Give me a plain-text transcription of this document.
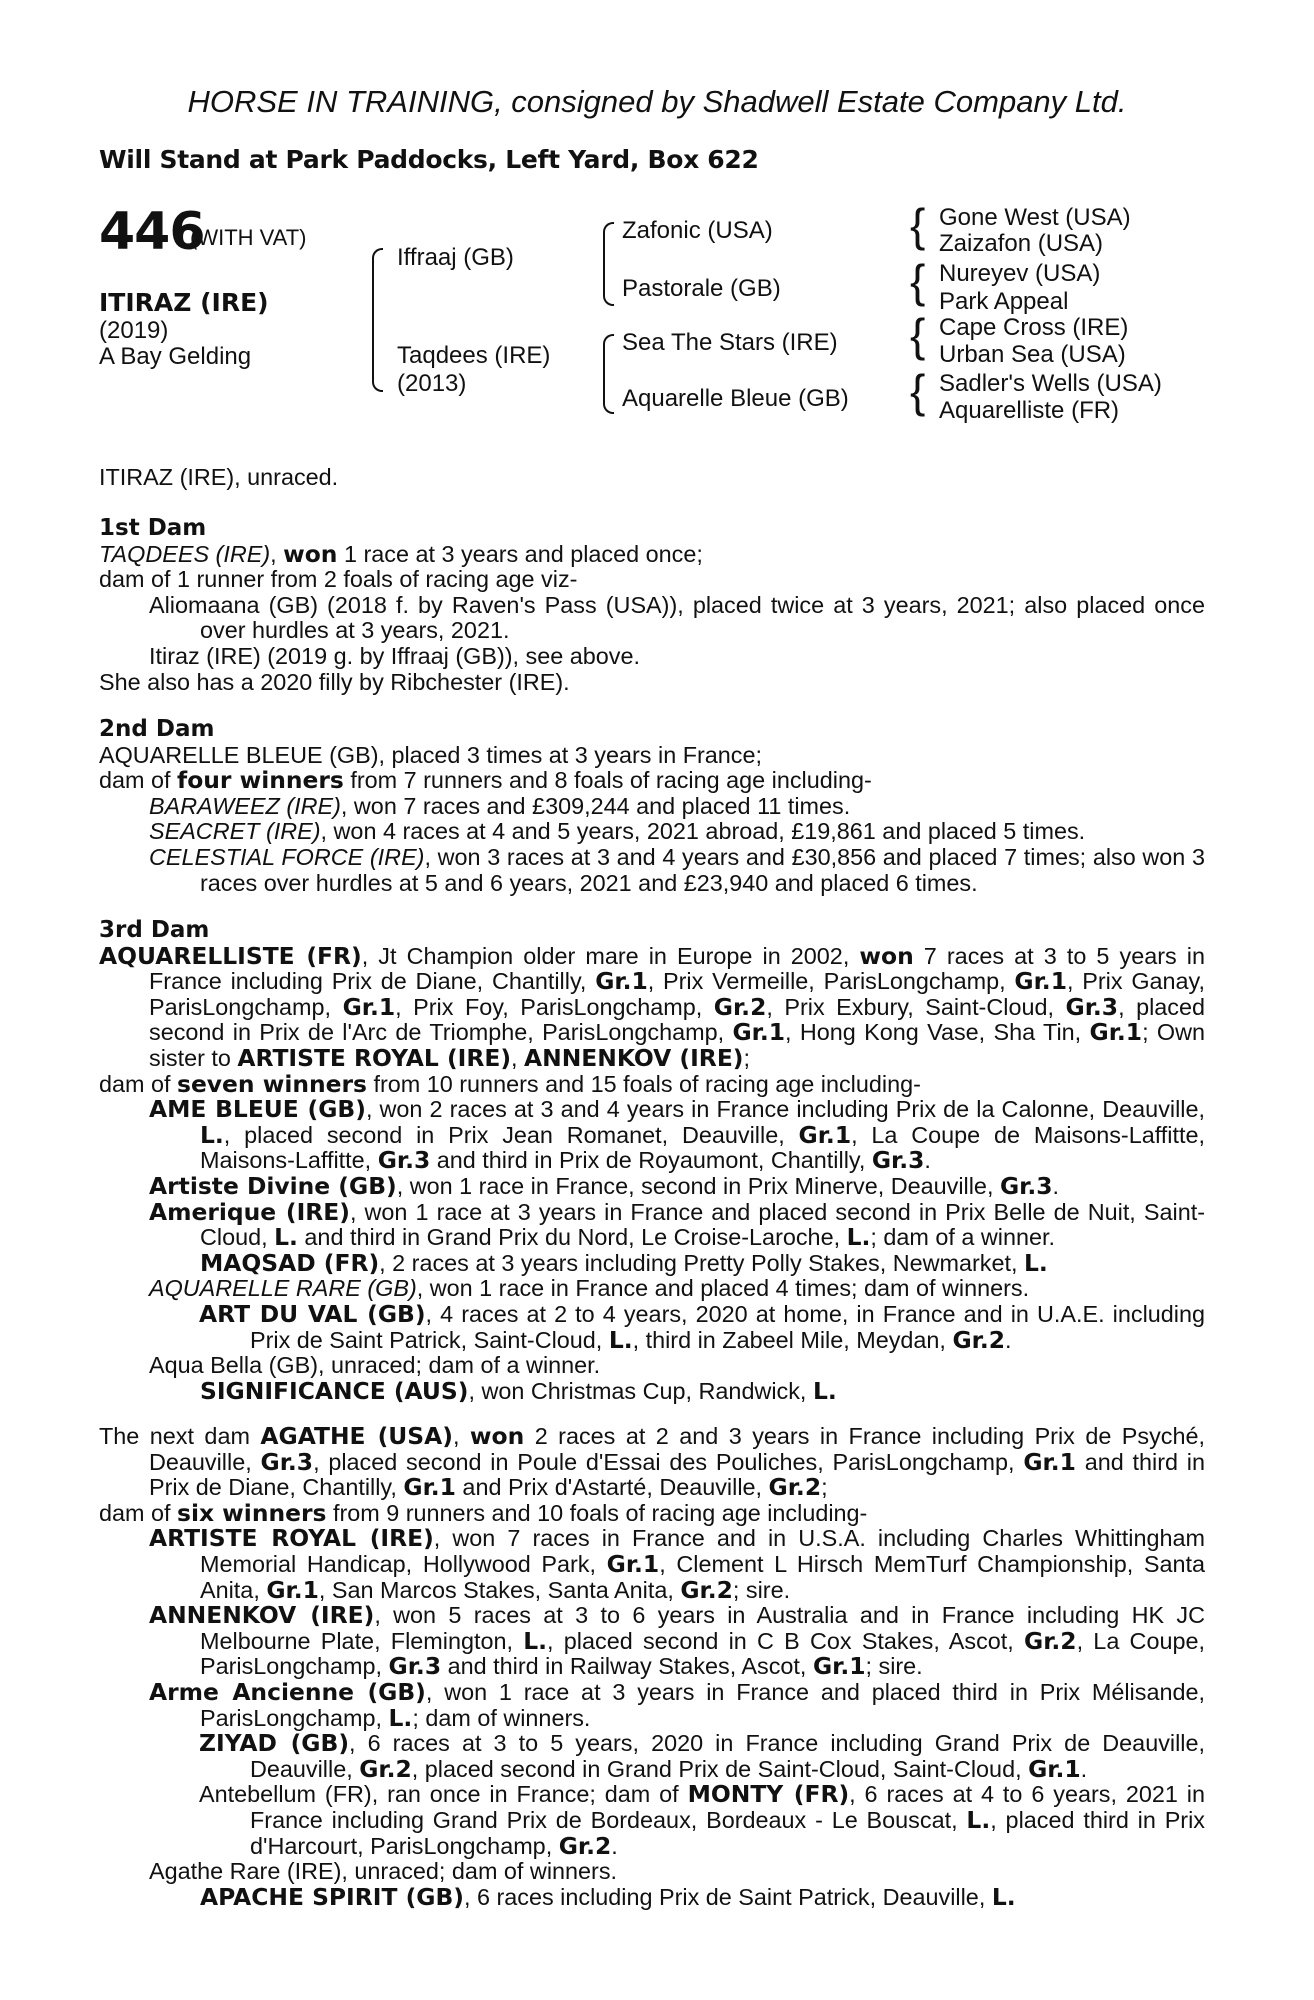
HORSE IN TRAINING, consigned by Shadwell Estate Company Ltd.
Will Stand at Park Paddocks, Left Yard, Box 622
446
(WITH VAT)
ITIRAZ (IRE)
(2019)
A Bay Gelding
Iffraaj (GB)
Taqdees (IRE)
(2013)
Zafonic (USA)
Pastorale (GB)
Sea The Stars (IRE)
Aquarelle Bleue (GB)
{ Gone West (USA)
Zaizafon (USA)
{ Nureyev (USA)
Park Appeal
{ Cape Cross (IRE)
Urban Sea (USA)
{ Sadler's Wells (USA)
Aquarelliste (FR)

ITIRAZ (IRE), unraced.

1st Dam

TAQDEES (IRE), won 1 race at 3 years and placed once;

dam of 1 runner from 2 foals of racing age viz-

Aliomaana (GB) (2018 f. by Raven's Pass (USA)), placed twice at 3 years, 2021; also placed once over hurdles at 3 years, 2021.

Itiraz (IRE) (2019 g. by Iffraaj (GB)), see above.

She also has a 2020 filly by Ribchester (IRE).

2nd Dam

AQUARELLE BLEUE (GB), placed 3 times at 3 years in France;

dam of four winners from 7 runners and 8 foals of racing age including-

BARAWEEZ (IRE), won 7 races and £309,244 and placed 11 times.

SEACRET (IRE), won 4 races at 4 and 5 years, 2021 abroad, £19,861 and placed 5 times.

CELESTIAL FORCE (IRE), won 3 races at 3 and 4 years and £30,856 and placed 7 times; also won 3 races over hurdles at 5 and 6 years, 2021 and £23,940 and placed 6 times.

3rd Dam

AQUARELLISTE (FR), Jt Champion older mare in Europe in 2002, won 7 races at 3 to 5 years in France including Prix de Diane, Chantilly, Gr.1, Prix Vermeille, ParisLongchamp, Gr.1, Prix Ganay, ParisLongchamp, Gr.1, Prix Foy, ParisLongchamp, Gr.2, Prix Exbury, Saint-Cloud, Gr.3, placed second in Prix de l'Arc de Triomphe, ParisLongchamp, Gr.1, Hong Kong Vase, Sha Tin, Gr.1; Own sister to ARTISTE ROYAL (IRE), ANNENKOV (IRE);

dam of seven winners from 10 runners and 15 foals of racing age including-

AME BLEUE (GB), won 2 races at 3 and 4 years in France including Prix de la Calonne, Deauville, L., placed second in Prix Jean Romanet, Deauville, Gr.1, La Coupe de Maisons-Laffitte, Maisons-Laffitte, Gr.3 and third in Prix de Royaumont, Chantilly, Gr.3.

Artiste Divine (GB), won 1 race in France, second in Prix Minerve, Deauville, Gr.3.

Amerique (IRE), won 1 race at 3 years in France and placed second in Prix Belle de Nuit, Saint-Cloud, L. and third in Grand Prix du Nord, Le Croise-Laroche, L.; dam of a winner.

MAQSAD (FR), 2 races at 3 years including Pretty Polly Stakes, Newmarket, L.

AQUARELLE RARE (GB), won 1 race in France and placed 4 times; dam of winners.

ART DU VAL (GB), 4 races at 2 to 4 years, 2020 at home, in France and in U.A.E. including Prix de Saint Patrick, Saint-Cloud, L., third in Zabeel Mile, Meydan, Gr.2.

Aqua Bella (GB), unraced; dam of a winner.

SIGNIFICANCE (AUS), won Christmas Cup, Randwick, L.

The next dam AGATHE (USA), won 2 races at 2 and 3 years in France including Prix de Psyché, Deauville, Gr.3, placed second in Poule d'Essai des Pouliches, ParisLongchamp, Gr.1 and third in Prix de Diane, Chantilly, Gr.1 and Prix d'Astarté, Deauville, Gr.2;

dam of six winners from 9 runners and 10 foals of racing age including-

ARTISTE ROYAL (IRE), won 7 races in France and in U.S.A. including Charles Whittingham Memorial Handicap, Hollywood Park, Gr.1, Clement L Hirsch MemTurf Championship, Santa Anita, Gr.1, San Marcos Stakes, Santa Anita, Gr.2; sire.

ANNENKOV (IRE), won 5 races at 3 to 6 years in Australia and in France including HK JC Melbourne Plate, Flemington, L., placed second in C B Cox Stakes, Ascot, Gr.2, La Coupe, ParisLongchamp, Gr.3 and third in Railway Stakes, Ascot, Gr.1; sire.

Arme Ancienne (GB), won 1 race at 3 years in France and placed third in Prix Mélisande, ParisLongchamp, L.; dam of winners.

ZIYAD (GB), 6 races at 3 to 5 years, 2020 in France including Grand Prix de Deauville, Deauville, Gr.2, placed second in Grand Prix de Saint-Cloud, Saint-Cloud, Gr.1.

Antebellum (FR), ran once in France; dam of MONTY (FR), 6 races at 4 to 6 years, 2021 in France including Grand Prix de Bordeaux, Bordeaux - Le Bouscat, L., placed third in Prix d'Harcourt, ParisLongchamp, Gr.2.

Agathe Rare (IRE), unraced; dam of winners.

APACHE SPIRIT (GB), 6 races including Prix de Saint Patrick, Deauville, L.
